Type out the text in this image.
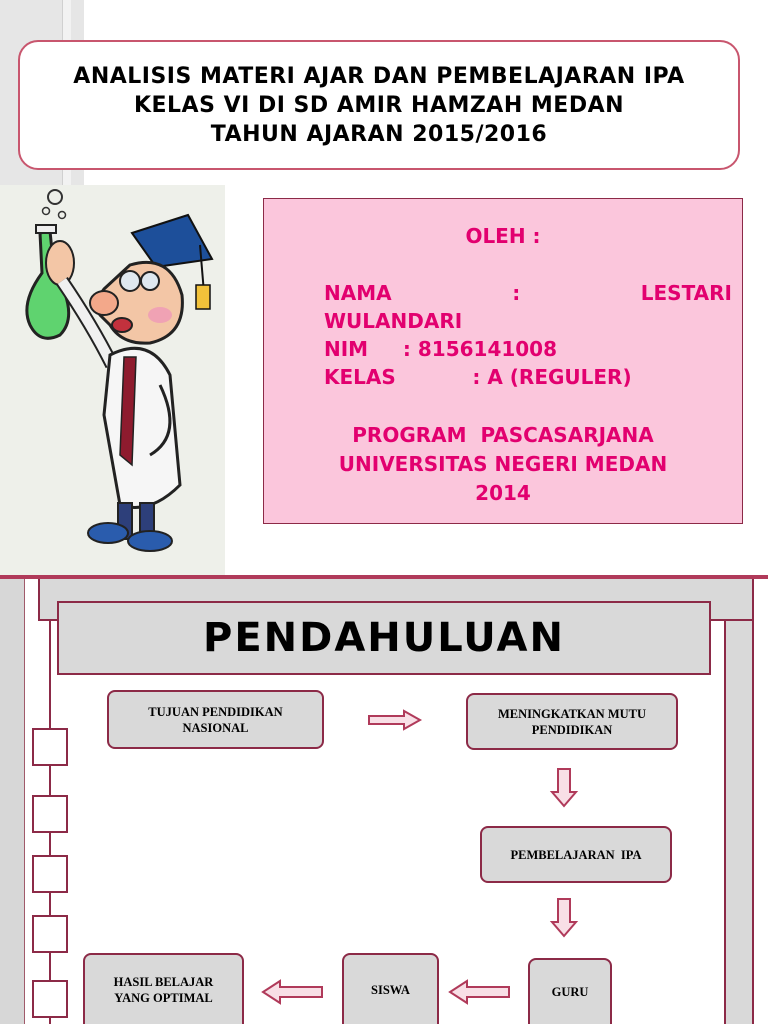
ANALISIS MATERI AJAR DAN PEMBELAJARAN IPA
KELAS VI DI SD AMIR HAMZAH MEDAN
TAHUN AJARAN 2015/2016
OLEH :
NAMA	:	LESTARI
WULANDARI
NIM     : 8156141008
KELAS           : A (REGULER)
PROGRAM  PASCASARJANA
UNIVERSITAS NEGERI MEDAN
2014
PENDAHULUAN
TUJUAN PENDIDIKAN
NASIONAL
MENINGKATKAN MUTU
PENDIDIKAN
PEMBELAJARAN  IPA
GURU
SISWA
HASIL BELAJAR
YANG OPTIMAL
